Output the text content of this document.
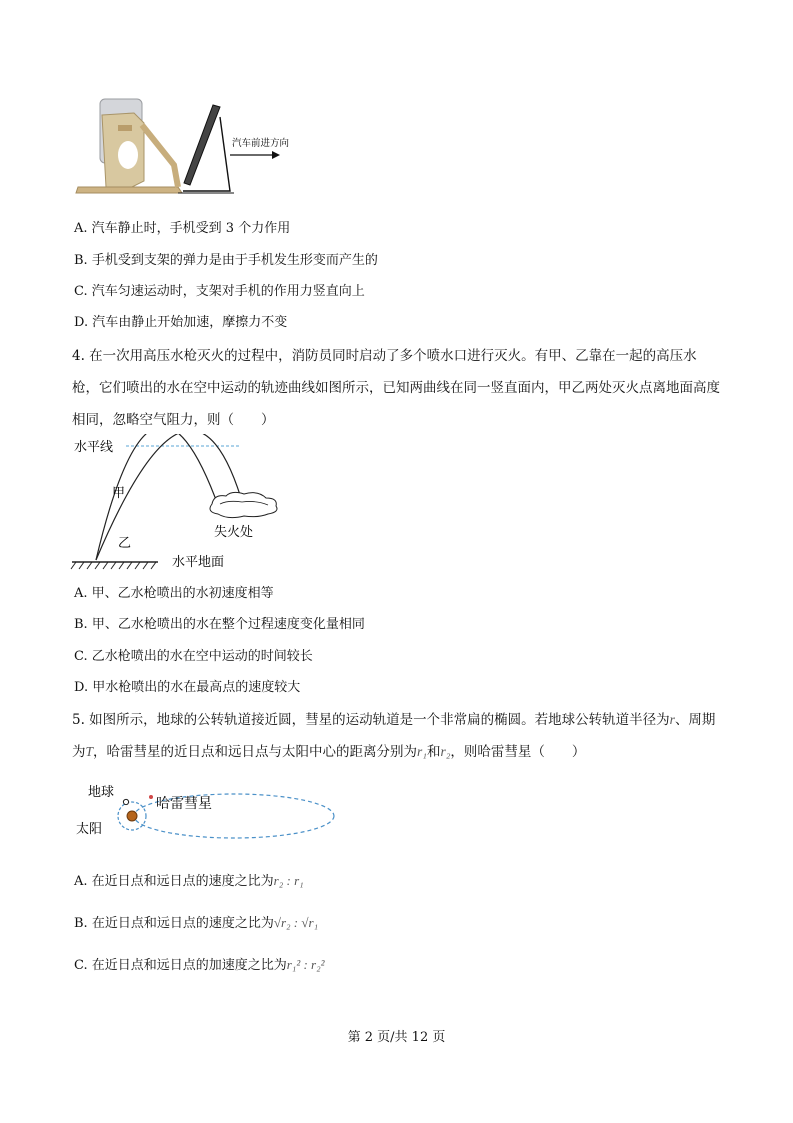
汽车前进方向
A. 汽车静止时，手机受到 3 个力作用
B. 手机受到支架的弹力是由于手机发生形变而产生的
C. 汽车匀速运动时，支架对手机的作用力竖直向上
D. 汽车由静止开始加速，摩擦力不变
4. 在一次用高压水枪灭火的过程中，消防员同时启动了多个喷水口进行灭火。有甲、乙靠在一起的高压水枪，它们喷出的水在空中运动的轨迹曲线如图所示，已知两曲线在同一竖直面内，甲乙两处灭火点离地面高度相同，忽略空气阻力，则（　　）
水平线
甲
乙
失火处
水平地面
A. 甲、乙水枪喷出的水初速度相等
B. 甲、乙水枪喷出的水在整个过程速度变化量相同
C. 乙水枪喷出的水在空中运动的时间较长
D. 甲水枪喷出的水在最高点的速度较大
5. 如图所示，地球的公转轨道接近圆，彗星的运动轨道是一个非常扁的椭圆。若地球公转轨道半径为r、周期为T，哈雷彗星的近日点和远日点与太阳中心的距离分别为r₁和r₂，则哈雷彗星（　　）
地球
哈雷彗星
太阳
A. 在近日点和远日点的速度之比为r₂ : r₁
B. 在近日点和远日点的速度之比为√r₂ : √r₁
C. 在近日点和远日点的加速度之比为r₁² : r₂²
第 2 页/共 12 页
